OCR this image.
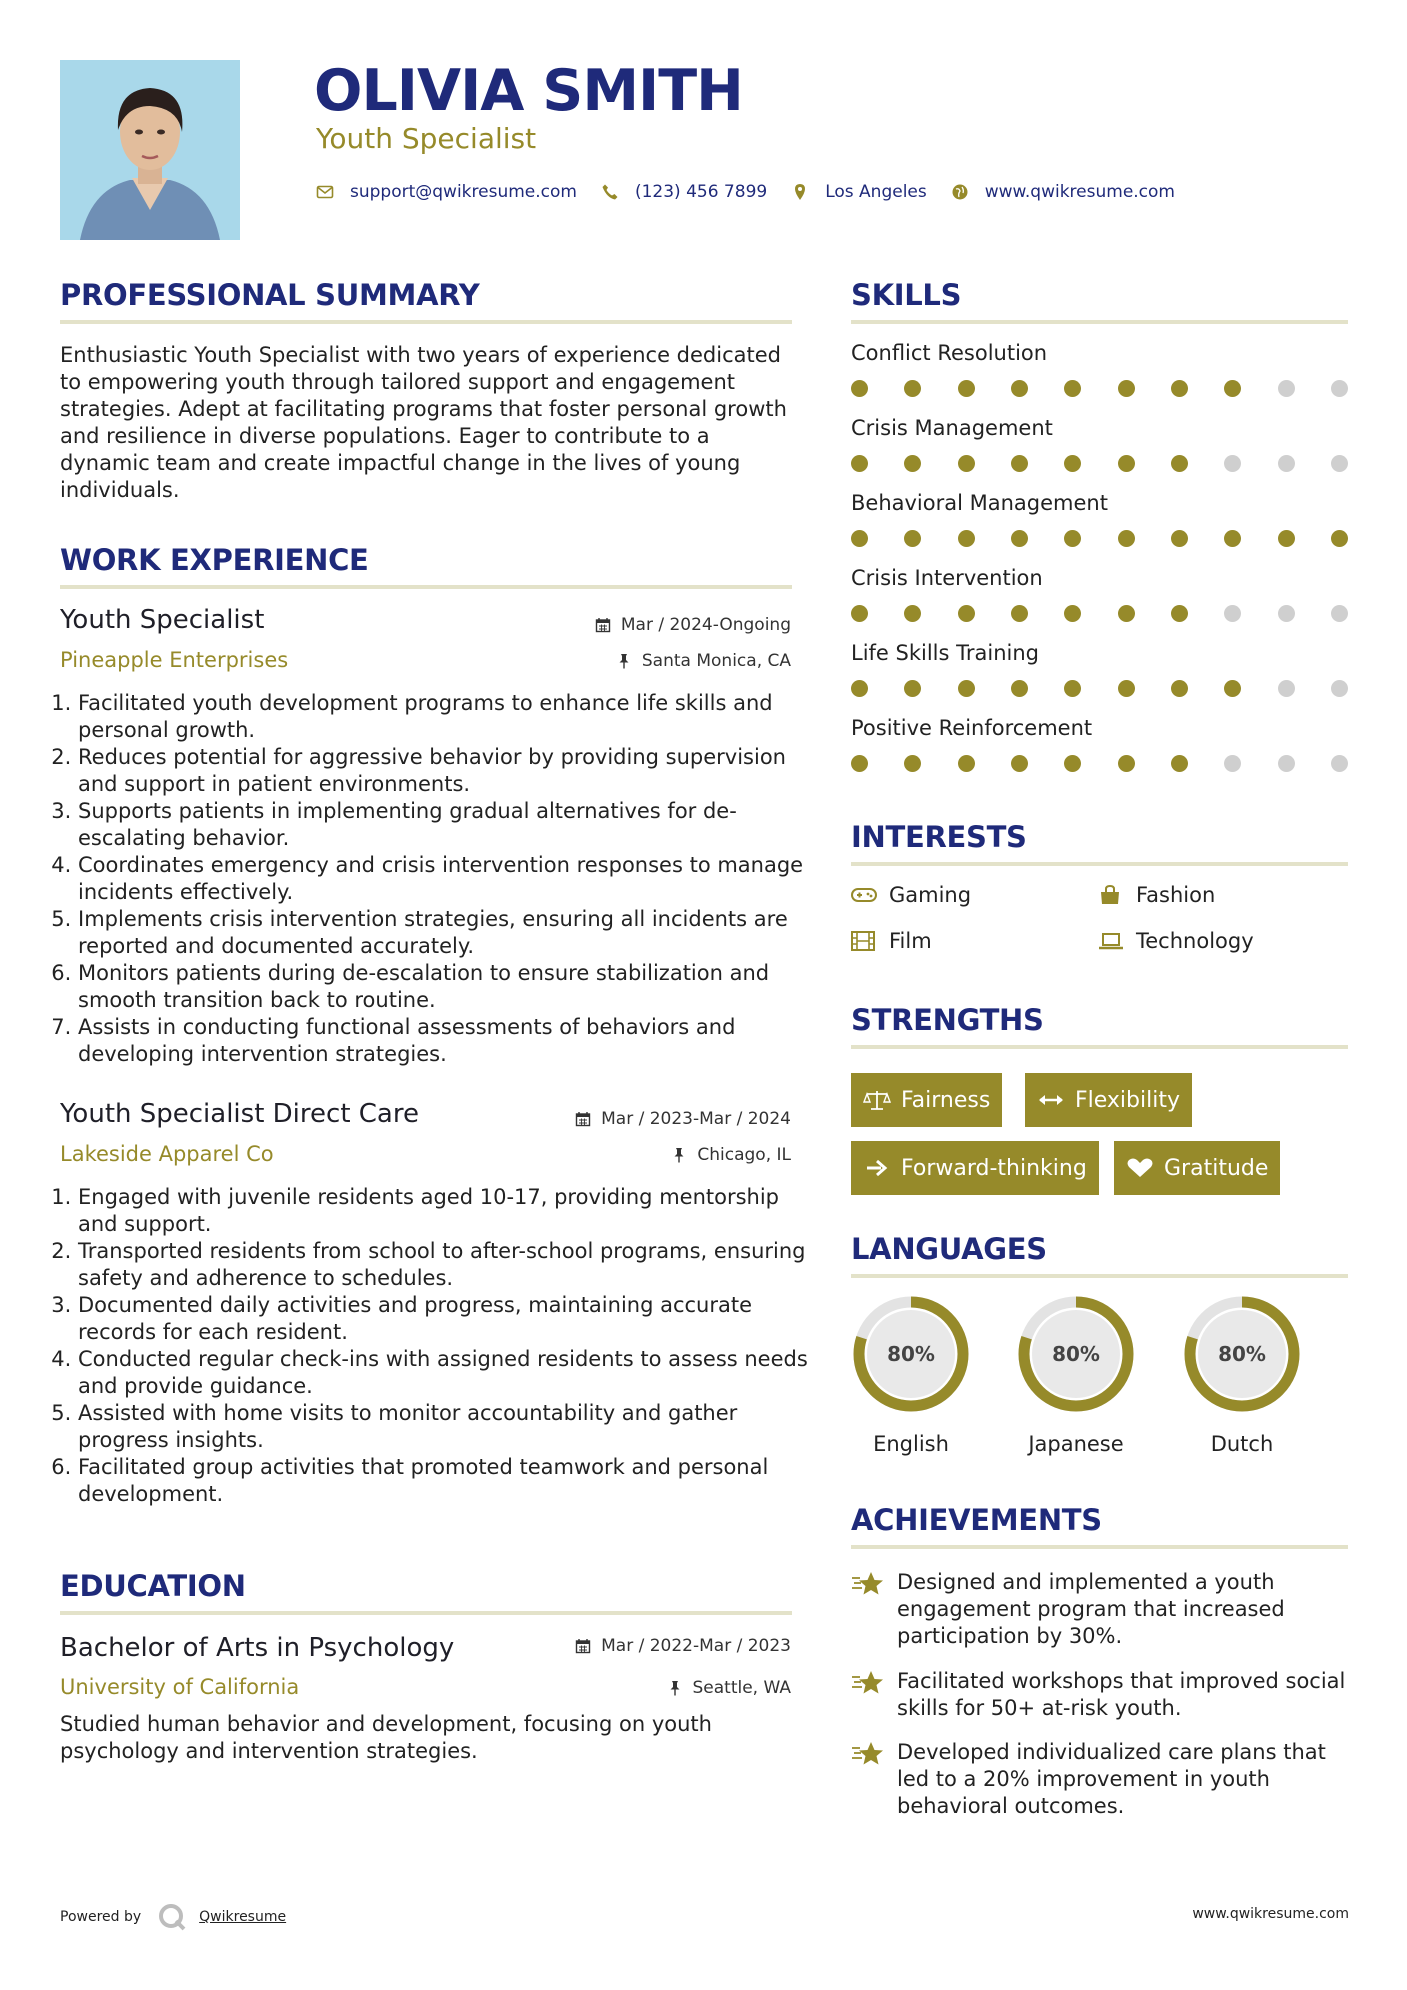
OLIVIA SMITH
Youth Specialist
support@qwikresume.com	(123) 456 7899	Los Angeles	www.qwikresume.com
PROFESSIONAL SUMMARY
Enthusiastic Youth Specialist with two years of experience dedicated to empowering youth through tailored support and engagement strategies. Adept at facilitating programs that foster personal growth and resilience in diverse populations. Eager to contribute to a dynamic team and create impactful change in the lives of young individuals.
WORK EXPERIENCE
Youth Specialist	Mar / 2024-Ongoing
Pineapple Enterprises	Santa Monica, CA
1. Facilitated youth development programs to enhance life skills and personal growth.
2. Reduces potential for aggressive behavior by providing supervision and support in patient environments.
3. Supports patients in implementing gradual alternatives for de-escalating behavior.
4. Coordinates emergency and crisis intervention responses to manage incidents effectively.
5. Implements crisis intervention strategies, ensuring all incidents are reported and documented accurately.
6. Monitors patients during de-escalation to ensure stabilization and smooth transition back to routine.
7. Assists in conducting functional assessments of behaviors and developing intervention strategies.
Youth Specialist Direct Care	Mar / 2023-Mar / 2024
Lakeside Apparel Co	Chicago, IL
1. Engaged with juvenile residents aged 10-17, providing mentorship and support.
2. Transported residents from school to after-school programs, ensuring safety and adherence to schedules.
3. Documented daily activities and progress, maintaining accurate records for each resident.
4. Conducted regular check-ins with assigned residents to assess needs and provide guidance.
5. Assisted with home visits to monitor accountability and gather progress insights.
6. Facilitated group activities that promoted teamwork and personal development.
EDUCATION
Bachelor of Arts in Psychology	Mar / 2022-Mar / 2023
University of California	Seattle, WA
Studied human behavior and development, focusing on youth psychology and intervention strategies.
SKILLS
Conflict Resolution
Crisis Management
Behavioral Management
Crisis Intervention
Life Skills Training
Positive Reinforcement
INTERESTS
Gaming	Fashion
Film	Technology
STRENGTHS
Fairness	Flexibility
Forward-thinking	Gratitude
LANGUAGES
80%
English
80%
Japanese
80%
Dutch
ACHIEVEMENTS
Designed and implemented a youth engagement program that increased participation by 30%.
Facilitated workshops that improved social skills for 50+ at-risk youth.
Developed individualized care plans that led to a 20% improvement in youth behavioral outcomes.
Powered by	Qwikresume	www.qwikresume.com
